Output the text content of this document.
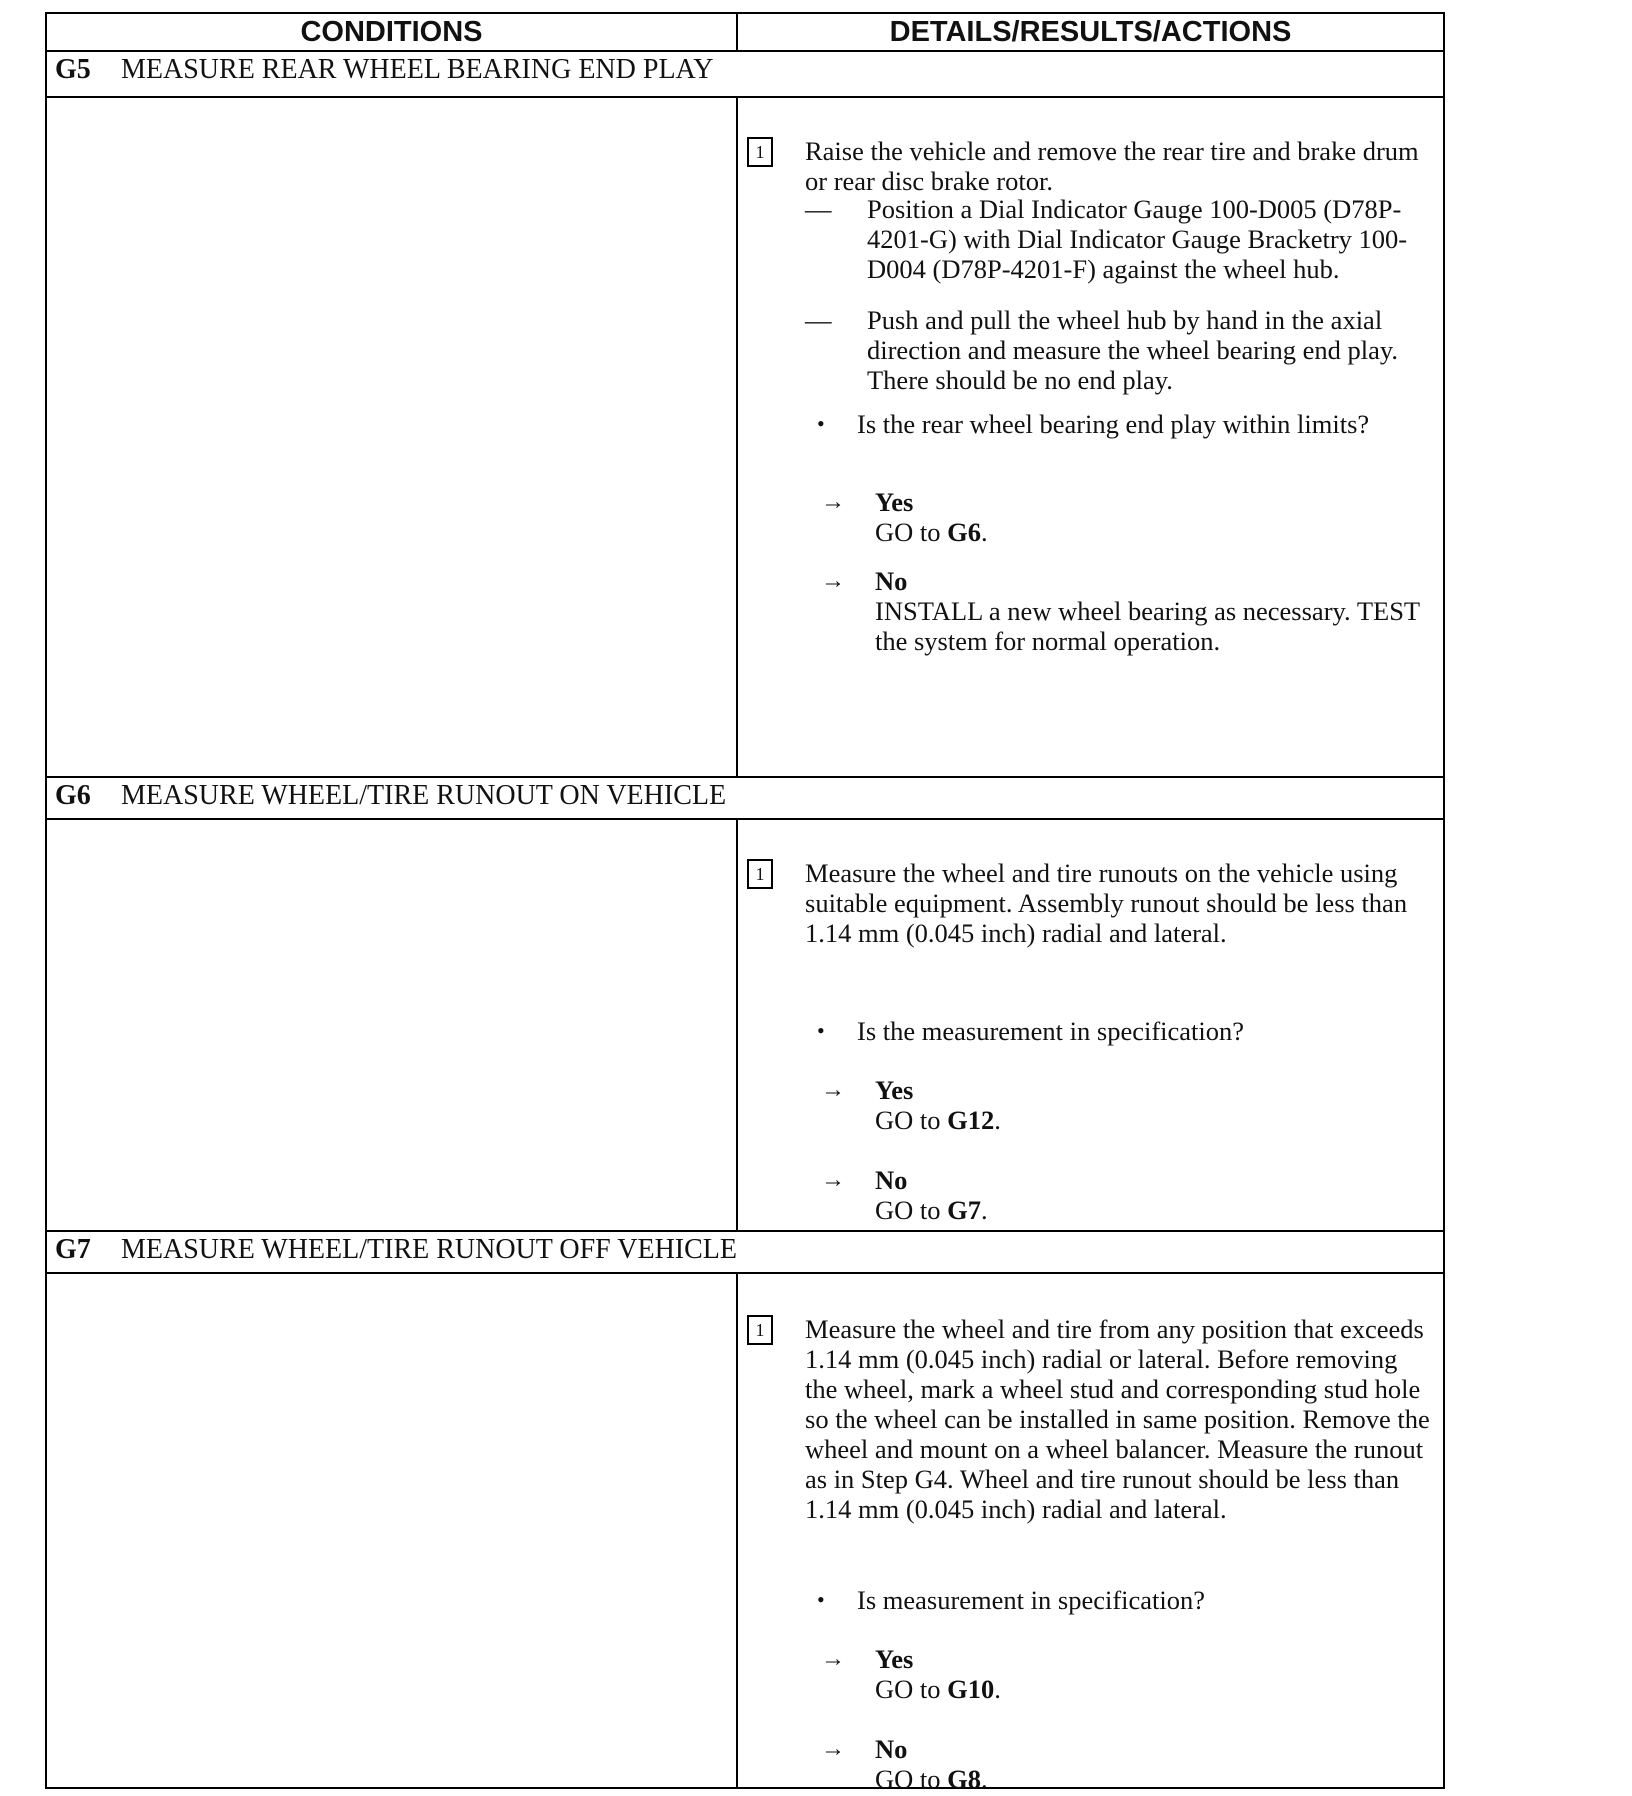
CONDITIONS	DETAILS/RESULTS/ACTIONS
G5 MEASURE REAR WHEEL BEARING END PLAY
1	Raise the vehicle and remove the rear tire and brake drum or rear disc brake rotor.
— Position a Dial Indicator Gauge 100-D005 (D78P-4201-G) with Dial Indicator Gauge Bracketry 100-D004 (D78P-4201-F) against the wheel hub.
— Push and pull the wheel hub by hand in the axial direction and measure the wheel bearing end play. There should be no end play.
• Is the rear wheel bearing end play within limits?
→ Yes
GO to G6.
→ No
INSTALL a new wheel bearing as necessary. TEST the system for normal operation.
G6 MEASURE WHEEL/TIRE RUNOUT ON VEHICLE
1	Measure the wheel and tire runouts on the vehicle using suitable equipment. Assembly runout should be less than 1.14 mm (0.045 inch) radial and lateral.
• Is the measurement in specification?
→ Yes
GO to G12.
→ No
GO to G7.
G7 MEASURE WHEEL/TIRE RUNOUT OFF VEHICLE
1	Measure the wheel and tire from any position that exceeds 1.14 mm (0.045 inch) radial or lateral. Before removing the wheel, mark a wheel stud and corresponding stud hole so the wheel can be installed in same position. Remove the wheel and mount on a wheel balancer. Measure the runout as in Step G4. Wheel and tire runout should be less than 1.14 mm (0.045 inch) radial and lateral.
• Is measurement in specification?
→ Yes
GO to G10.
→ No
GO to G8.
